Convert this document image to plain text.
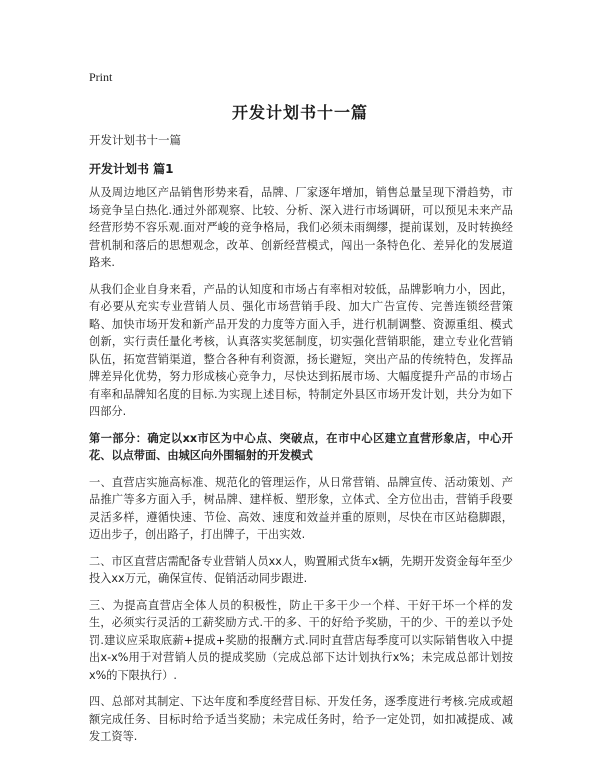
Print
开发计划书十一篇
开发计划书十一篇
开发计划书 篇1

从及周边地区产品销售形势来看，品牌、厂家逐年增加，销售总量呈现下滑趋势，市场竞争呈白热化.通过外部观察、比较、分析、深入进行市场调研，可以预见未来产品经营形势不容乐观.面对严峻的竞争格局，我们必须未雨绸缪，提前谋划，及时转换经营机制和落后的思想观念，改革、创新经营模式，闯出一条特色化、差异化的发展道路来.

从我们企业自身来看，产品的认知度和市场占有率相对较低，品牌影响力小，因此，有必要从充实专业营销人员、强化市场营销手段、加大广告宣传、完善连锁经营策略、加快市场开发和新产品开发的力度等方面入手，进行机制调整、资源重组、模式创新，实行责任量化考核，认真落实奖惩制度，切实强化营销职能，建立专业化营销队伍，拓宽营销渠道，整合各种有利资源，扬长避短，突出产品的传统特色，发挥品牌差异化优势，努力形成核心竞争力，尽快达到拓展市场、大幅度提升产品的市场占有率和品牌知名度的目标.为实现上述目标，特制定外县区市场开发计划，共分为如下四部分.

第一部分：确定以xx市区为中心点、突破点，在市中心区建立直营形象店，中心开花、以点带面、由城区向外围辐射的开发模式

一、直营店实施高标准、规范化的管理运作，从日常营销、品牌宣传、活动策划、产品推广等多方面入手，树品牌、建样板、塑形象，立体式、全方位出击，营销手段要灵活多样，遵循快速、节俭、高效、速度和效益并重的原则，尽快在市区站稳脚跟，迈出步子，创出路子，打出牌子，干出实效.

二、市区直营店需配备专业营销人员xx人，购置厢式货车x辆，先期开发资金每年至少投入xx万元，确保宣传、促销活动同步跟进.

三、为提高直营店全体人员的积极性，防止干多干少一个样、干好干坏一个样的发生，必须实行灵活的工薪奖励方式.干的多、干的好给予奖励，干的少、干的差以予处罚.建议应采取底薪+提成+奖励的报酬方式.同时直营店每季度可以实际销售收入中提出x-x%用于对营销人员的提成奖励（完成总部下达计划执行x%；未完成总部计划按x%的下限执行）.

四、总部对其制定、下达年度和季度经营目标、开发任务，逐季度进行考核.完成或超额完成任务、目标时给予适当奖励；未完成任务时，给予一定处罚，如扣减提成、减发工资等.
